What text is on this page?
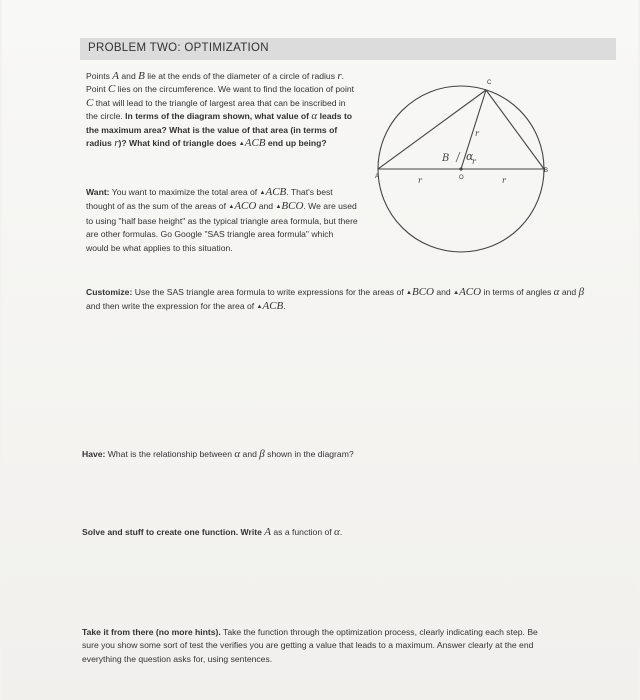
PROBLEM TWO: OPTIMIZATION
Points A and B lie at the ends of the diameter of a circle of radius r. Point C lies on the circumference. We want to find the location of point C that will lead to the triangle of largest area that can be inscribed in the circle. In terms of the diagram shown, what value of α leads to the maximum area? What is the value of that area (in terms of radius r)? What kind of triangle does ▲ACB end up being?
Want: You want to maximize the total area of ▲ACB. That's best thought of as the sum of the areas of ▲ACO and ▲BCO. We are used to using "half base height" as the typical triangle area formula, but there are other formulas. Go Google "SAS triangle area formula" which would be what applies to this situation.
Customize: Use the SAS triangle area formula to write expressions for the areas of ▲BCO and ▲ACO in terms of angles α and β and then write the expression for the area of ▲ACB.
Have: What is the relationship between α and β shown in the diagram?
Solve and stuff to create one function. Write A as a function of α.
Take it from there (no more hints). Take the function through the optimization process, clearly indicating each step. Be sure you show some sort of test the verifies you are getting a value that leads to a maximum. Answer clearly at the end everything the question asks for, using sentences.
A
B
C
O
r	r
r
r
B α
